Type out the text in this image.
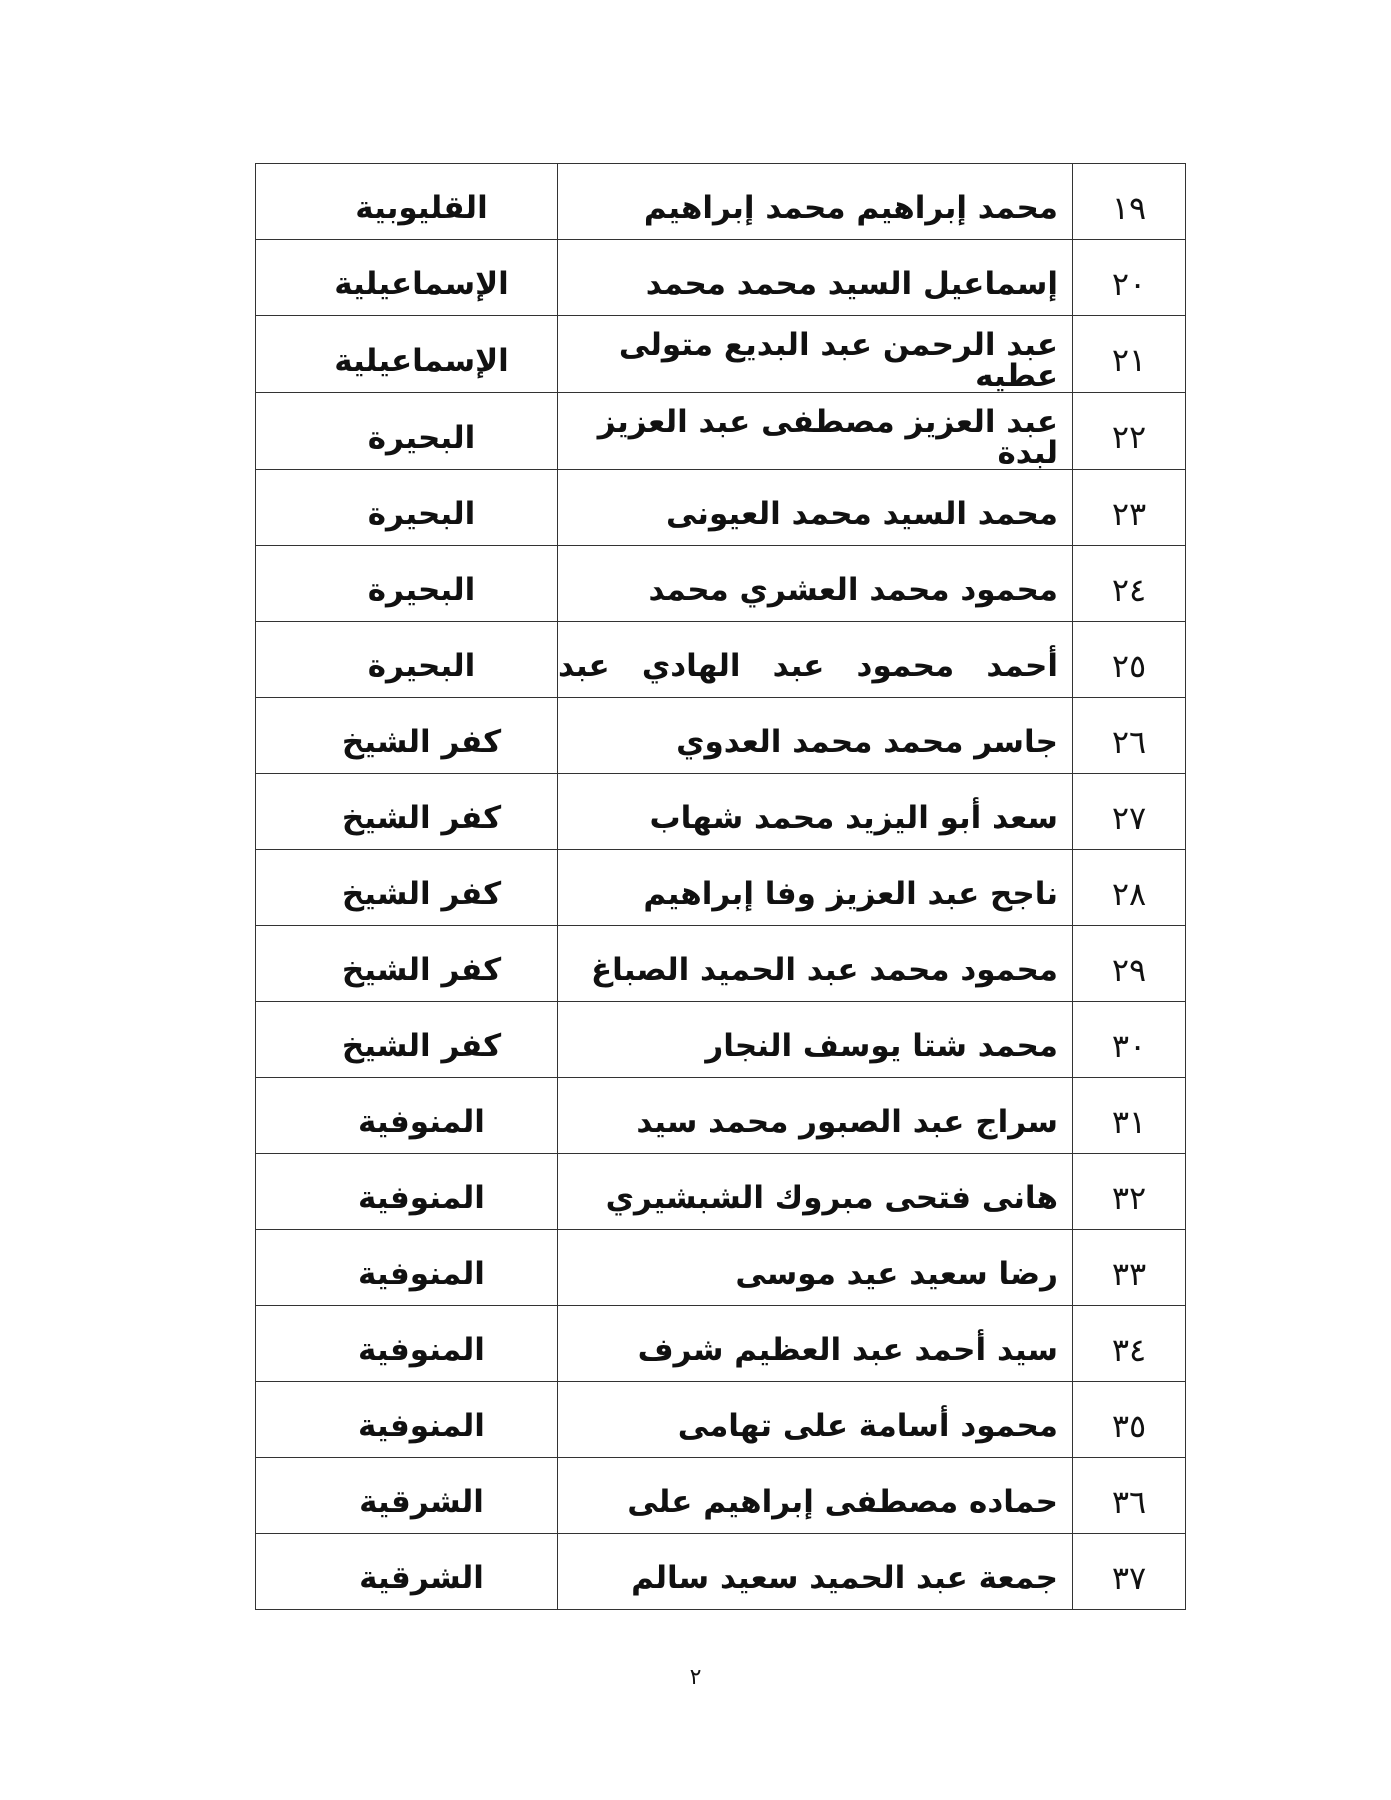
١٩	محمد إبراهيم محمد إبراهيم	القليوبية
٢٠	إسماعيل السيد محمد محمد	الإسماعيلية
٢١	عبد الرحمن عبد البديع متولى عطيه	الإسماعيلية
٢٢	عبد العزيز مصطفى عبد العزيز لبدة	البحيرة
٢٣	محمد السيد محمد العيونى	البحيرة
٢٤	محمود محمد العشري محمد	البحيرة
٢٥	أحمد محمود عبد الهادي عبد	البحيرة
٢٦	جاسر محمد محمد العدوي	كفر الشيخ
٢٧	سعد أبو اليزيد محمد شهاب	كفر الشيخ
٢٨	ناجح عبد العزيز وفا إبراهيم	كفر الشيخ
٢٩	محمود محمد عبد الحميد الصباغ	كفر الشيخ
٣٠	محمد شتا يوسف النجار	كفر الشيخ
٣١	سراج عبد الصبور محمد سيد	المنوفية
٣٢	هانى فتحى مبروك الشبشيري	المنوفية
٣٣	رضا سعيد عيد موسى	المنوفية
٣٤	سيد أحمد عبد العظيم شرف	المنوفية
٣٥	محمود أسامة على تهامى	المنوفية
٣٦	حماده مصطفى إبراهيم على	الشرقية
٣٧	جمعة عبد الحميد سعيد سالم	الشرقية
٢
